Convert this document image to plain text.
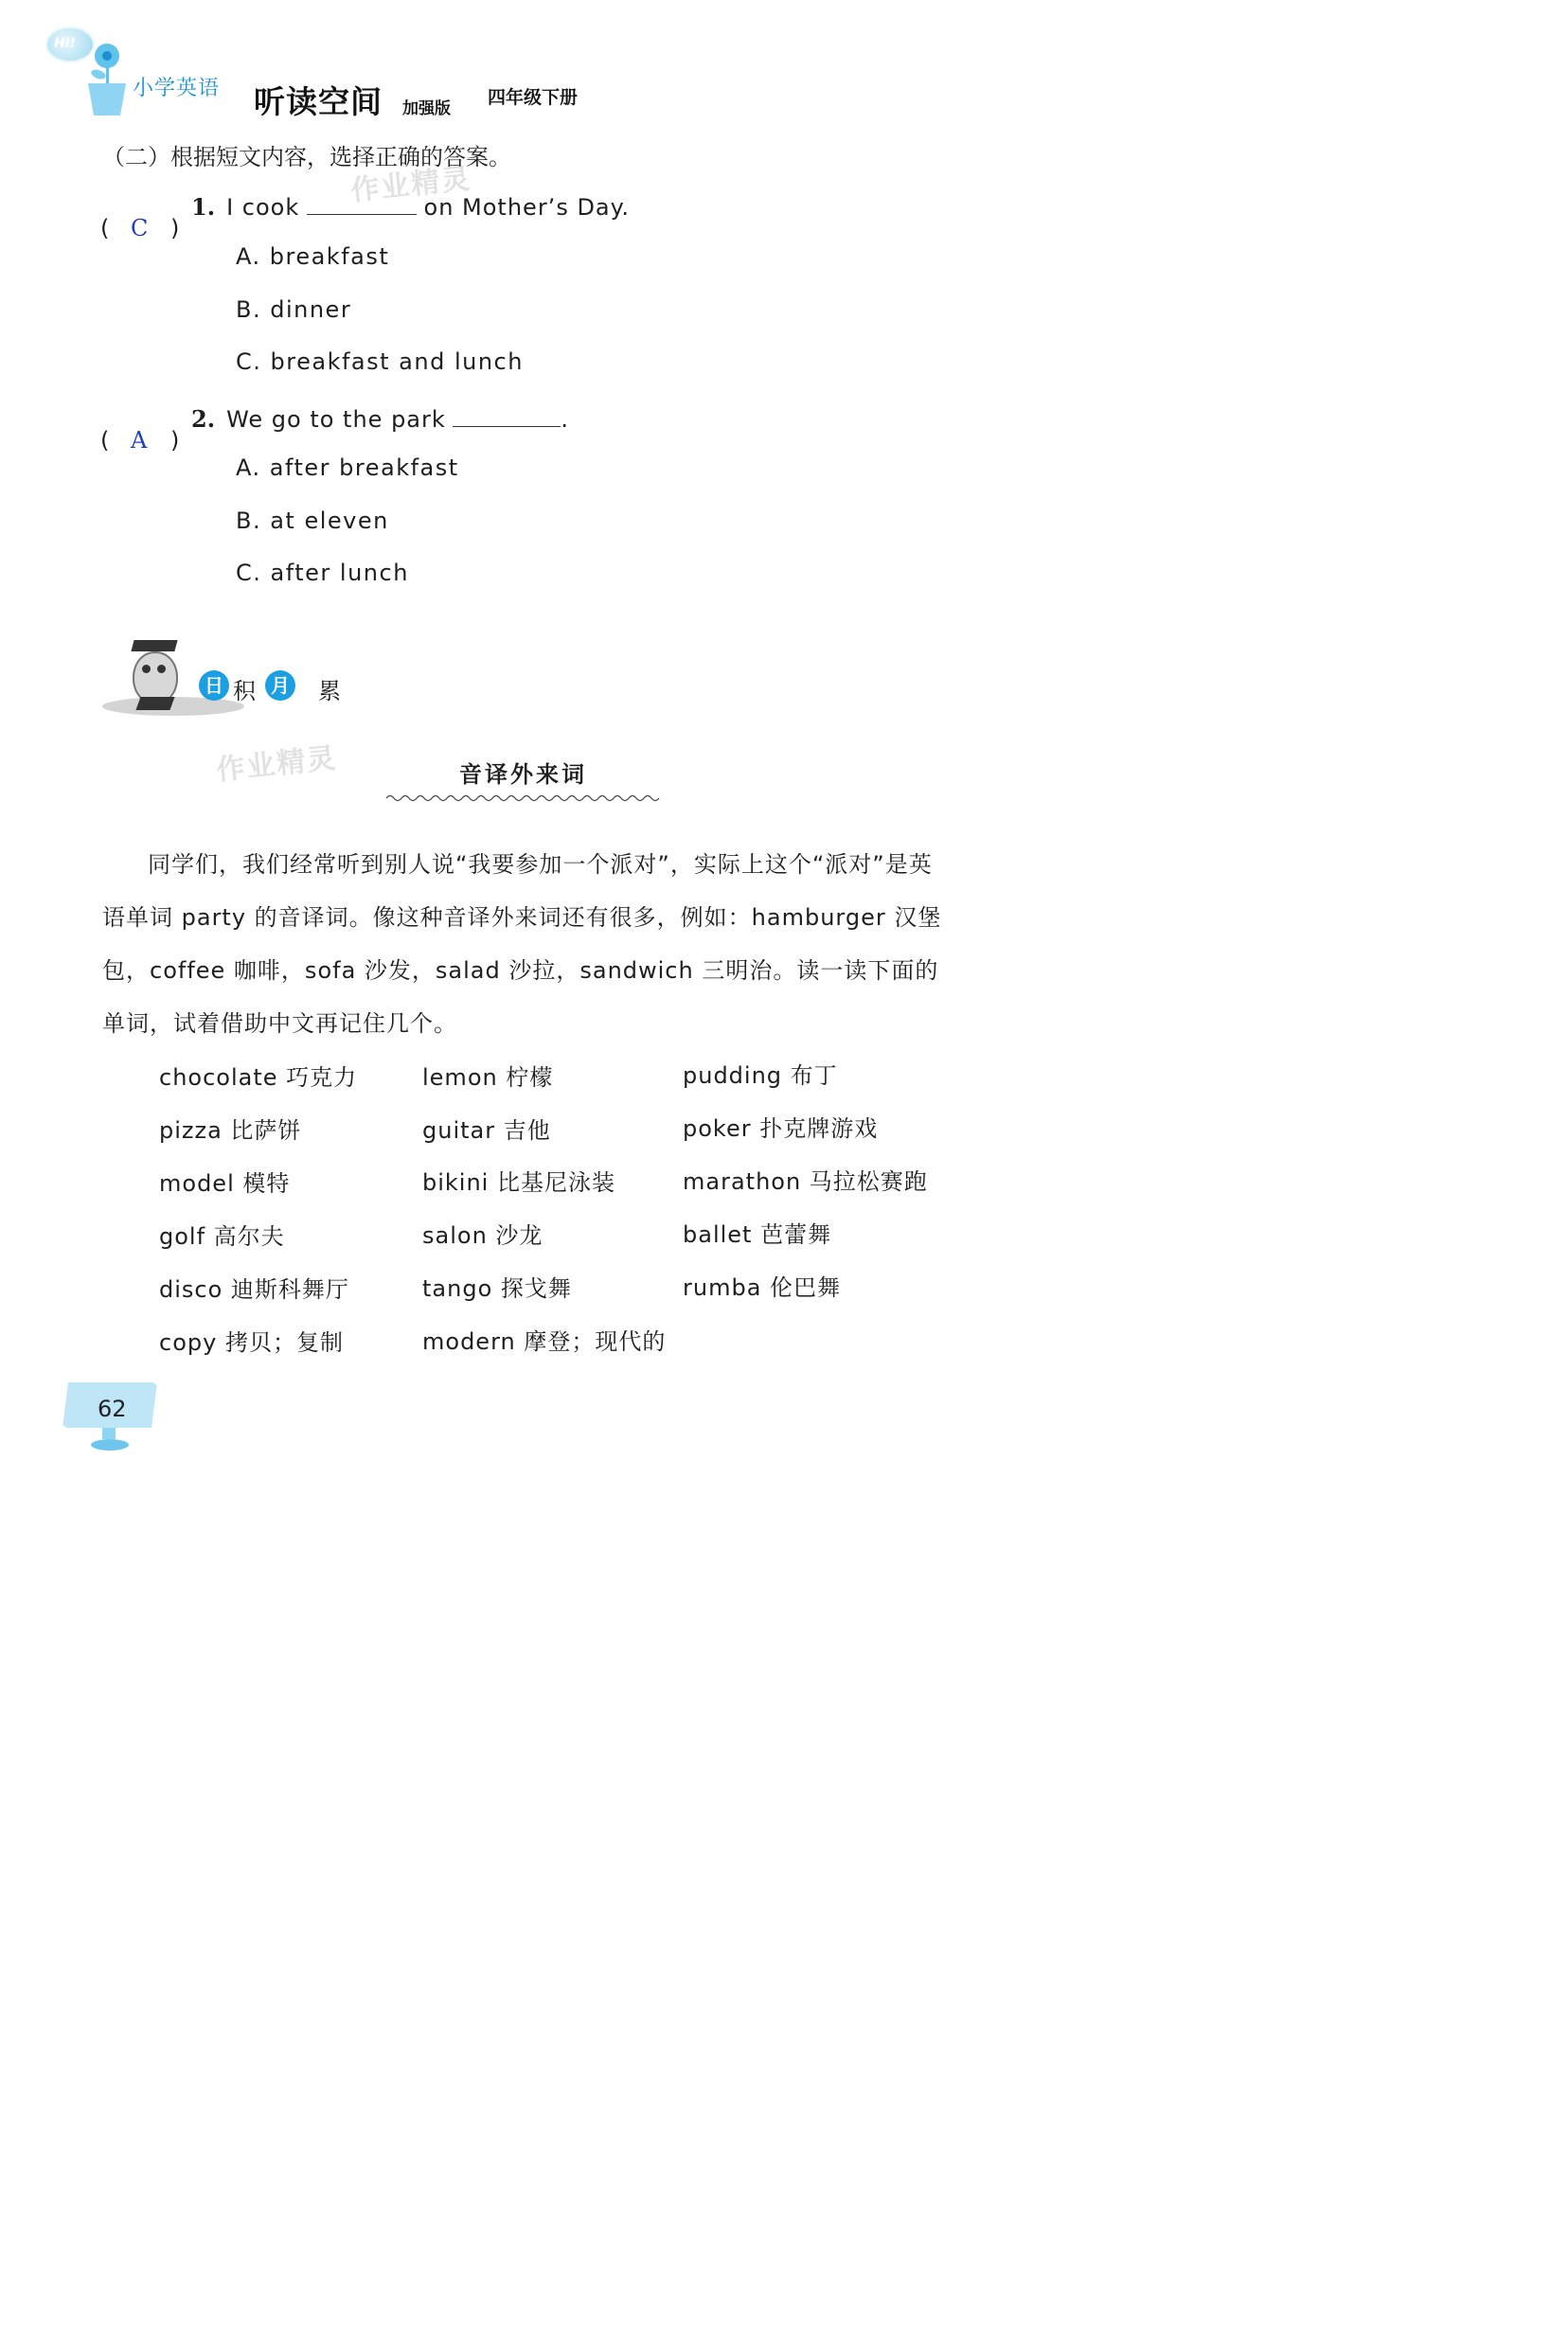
Hi!
小学英语 听读空间 加强版
四年级下册
（二）根据短文内容，选择正确的答案。
( C )
1. I cook	on Mother’s Day.
A. breakfast
B. dinner
C. breakfast and lunch
( A )
2. We go to the park	.
A. after breakfast
B. at eleven
C. after lunch
日 积 月 累
音译外来词

同学们，我们经常听到别人说“我要参加一个派对”，实际上这个“派对”是英语单词 party 的音译词。像这种音译外来词还有很多，例如：hamburger 汉堡包，coffee 咖啡，sofa 沙发，salad 沙拉，sandwich 三明治。读一读下面的单词，试着借助中文再记住几个。

chocolate 巧克力	lemon 柠檬	pudding 布丁
pizza 比萨饼	guitar 吉他	poker 扑克牌游戏
model 模特	bikini 比基尼泳装	marathon 马拉松赛跑
golf 高尔夫	salon 沙龙	ballet 芭蕾舞
disco 迪斯科舞厅	tango 探戈舞	rumba 伦巴舞
copy 拷贝；复制	modern 摩登；现代的
作业精灵
作业精灵
62
